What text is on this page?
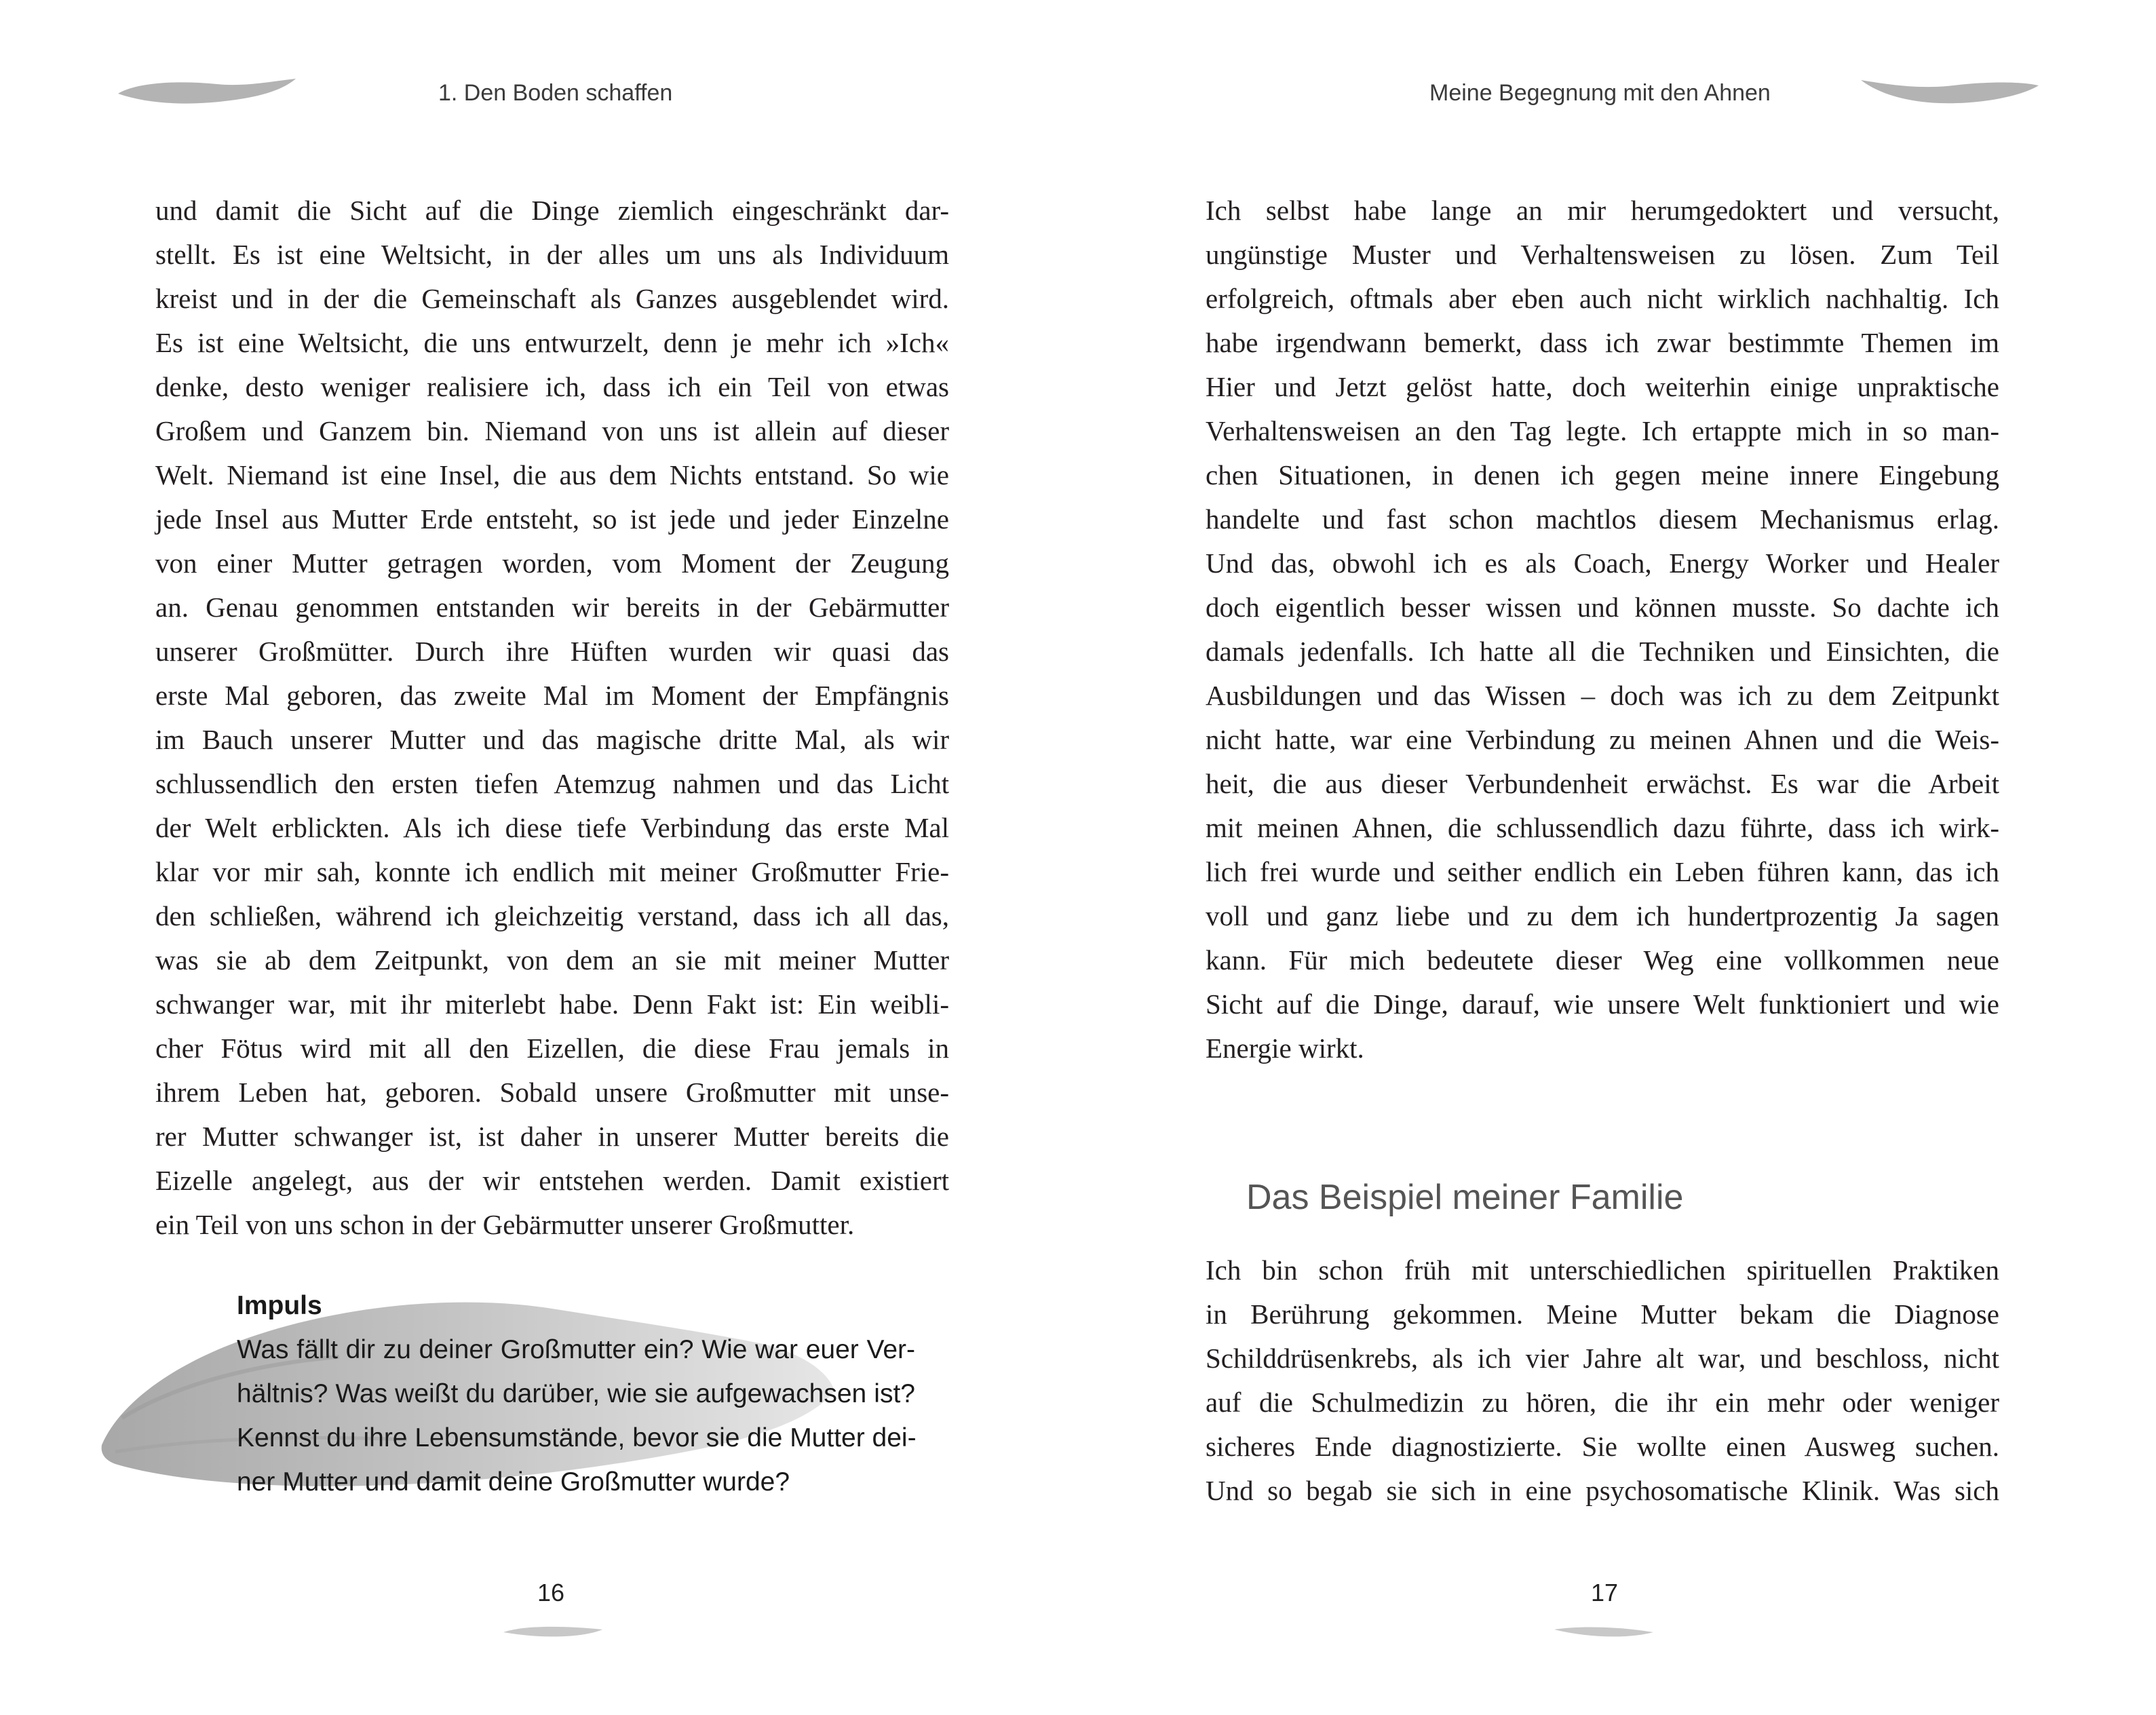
1. Den Boden schaffen
und damit die Sicht auf die Dinge ziemlich eingeschränkt dar-
stellt. Es ist eine Weltsicht, in der alles um uns als Individuum
kreist und in der die Gemeinschaft als Ganzes ausgeblendet wird.
Es ist eine Weltsicht, die uns entwurzelt, denn je mehr ich »Ich«
denke, desto weniger realisiere ich, dass ich ein Teil von etwas
Großem und Ganzem bin. Niemand von uns ist allein auf dieser
Welt. Niemand ist eine Insel, die aus dem Nichts entstand. So wie
jede Insel aus Mutter Erde entsteht, so ist jede und jeder Einzelne
von einer Mutter getragen worden, vom Moment der Zeugung
an. Genau genommen entstanden wir bereits in der Gebärmutter
unserer Großmütter. Durch ihre Hüften wurden wir quasi das
erste Mal geboren, das zweite Mal im Moment der Empfängnis
im Bauch unserer Mutter und das magische dritte Mal, als wir
schlussendlich den ersten tiefen Atemzug nahmen und das Licht
der Welt erblickten. Als ich diese tiefe Verbindung das erste Mal
klar vor mir sah, konnte ich endlich mit meiner Großmutter Frie-
den schließen, während ich gleichzeitig verstand, dass ich all das,
was sie ab dem Zeitpunkt, von dem an sie mit meiner Mutter
schwanger war, mit ihr miterlebt habe. Denn Fakt ist: Ein weibli-
cher Fötus wird mit all den Eizellen, die diese Frau jemals in
ihrem Leben hat, geboren. Sobald unsere Großmutter mit unse-
rer Mutter schwanger ist, ist daher in unserer Mutter bereits die
Eizelle angelegt, aus der wir entstehen werden. Damit existiert
ein Teil von uns schon in der Gebärmutter unserer Großmutter.
Impuls
Was fällt dir zu deiner Großmutter ein? Wie war euer Ver-
hältnis? Was weißt du darüber, wie sie aufgewachsen ist?
Kennst du ihre Lebensumstände, bevor sie die Mutter dei-
ner Mutter und damit deine Großmutter wurde?
16
Meine Begegnung mit den Ahnen
Ich selbst habe lange an mir herumgedoktert und versucht,
ungünstige Muster und Verhaltensweisen zu lösen. Zum Teil
erfolgreich, oftmals aber eben auch nicht wirklich nachhaltig. Ich
habe irgendwann bemerkt, dass ich zwar bestimmte Themen im
Hier und Jetzt gelöst hatte, doch weiterhin einige unpraktische
Verhaltensweisen an den Tag legte. Ich ertappte mich in so man-
chen Situationen, in denen ich gegen meine innere Eingebung
handelte und fast schon machtlos diesem Mechanismus erlag.
Und das, obwohl ich es als Coach, Energy Worker und Healer
doch eigentlich besser wissen und können musste. So dachte ich
damals jedenfalls. Ich hatte all die Techniken und Einsichten, die
Ausbildungen und das Wissen – doch was ich zu dem Zeitpunkt
nicht hatte, war eine Verbindung zu meinen Ahnen und die Weis-
heit, die aus dieser Verbundenheit erwächst. Es war die Arbeit
mit meinen Ahnen, die schlussendlich dazu führte, dass ich wirk-
lich frei wurde und seither endlich ein Leben führen kann, das ich
voll und ganz liebe und zu dem ich hundertprozentig Ja sagen
kann. Für mich bedeutete dieser Weg eine vollkommen neue
Sicht auf die Dinge, darauf, wie unsere Welt funktioniert und wie
Energie wirkt.
Das Beispiel meiner Familie
Ich bin schon früh mit unterschiedlichen spirituellen Praktiken
in Berührung gekommen. Meine Mutter bekam die Diagnose
Schilddrüsenkrebs, als ich vier Jahre alt war, und beschloss, nicht
auf die Schulmedizin zu hören, die ihr ein mehr oder weniger
sicheres Ende diagnostizierte. Sie wollte einen Ausweg suchen.
Und so begab sie sich in eine psychosomatische Klinik. Was sich
17
